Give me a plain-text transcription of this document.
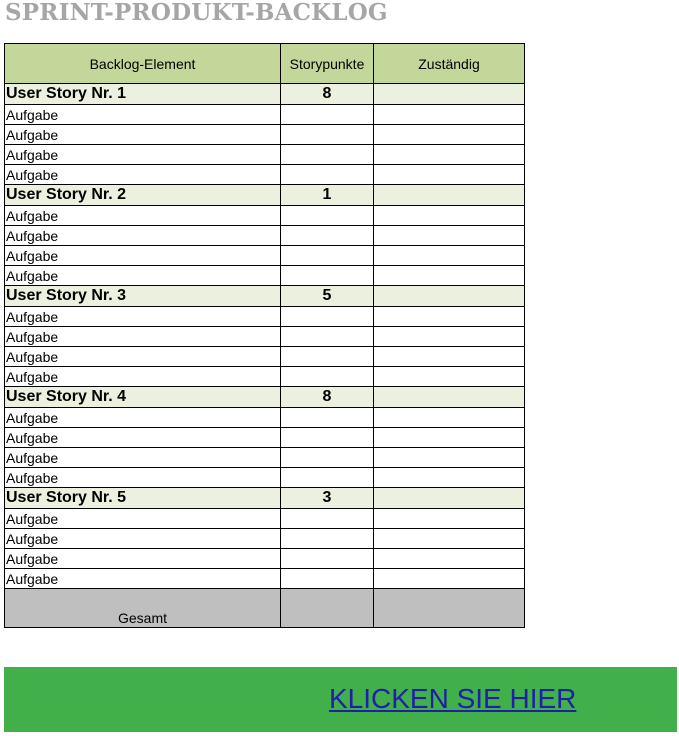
SPRINT-PRODUKT-BACKLOG
Backlog-Element	Storypunkte	Zuständig
User Story Nr. 1	8	
Aufgabe		
Aufgabe		
Aufgabe		
Aufgabe		
User Story Nr. 2	1	
Aufgabe		
Aufgabe		
Aufgabe		
Aufgabe		
User Story Nr. 3	5	
Aufgabe		
Aufgabe		
Aufgabe		
Aufgabe		
User Story Nr. 4	8	
Aufgabe		
Aufgabe		
Aufgabe		
Aufgabe		
User Story Nr. 5	3	
Aufgabe		
Aufgabe		
Aufgabe		
Aufgabe		
Gesamt		
KLICKEN SIE HIER
